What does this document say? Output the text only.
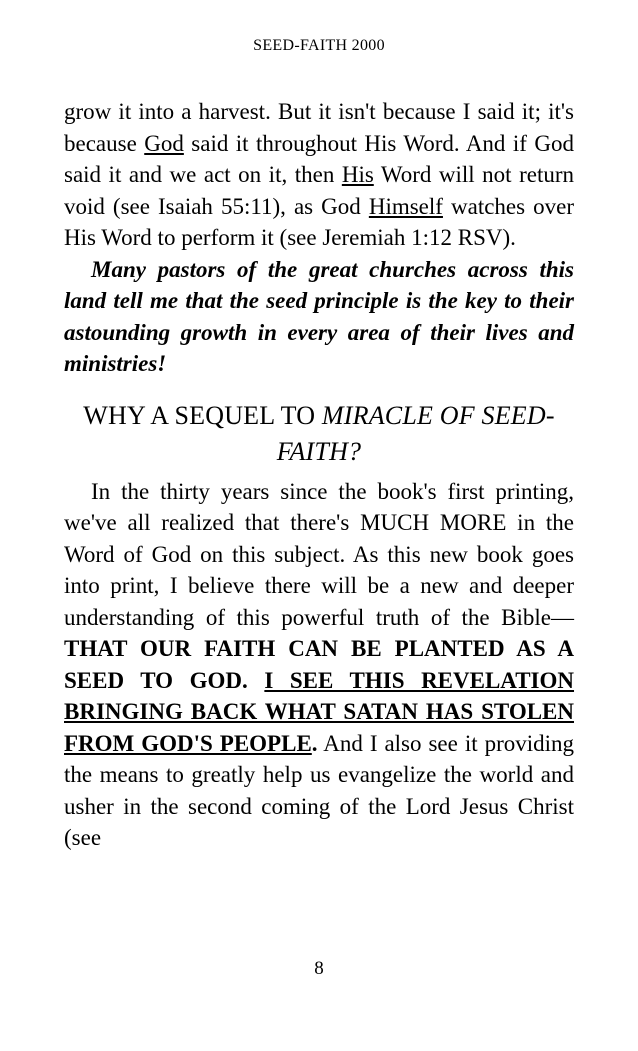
SEED-FAITH 2000

grow it into a harvest. But it isn't because I said it; it's because God said it throughout His Word. And if God said it and we act on it, then His Word will not return void (see Isaiah 55:11), as God Himself watches over His Word to perform it (see Jeremiah 1:12 RSV).

Many pastors of the great churches across this land tell me that the seed principle is the key to their astounding growth in every area of their lives and ministries!

WHY A SEQUEL TO MIRACLE OF SEED-FAITH?

In the thirty years since the book's first printing, we've all realized that there's MUCH MORE in the Word of God on this subject. As this new book goes into print, I believe there will be a new and deeper understanding of this powerful truth of the Bible—THAT OUR FAITH CAN BE PLANTED AS A SEED TO GOD. I SEE THIS REVELATION BRINGING BACK WHAT SATAN HAS STOLEN FROM GOD'S PEOPLE. And I also see it providing the means to greatly help us evangelize the world and usher in the second coming of the Lord Jesus Christ (see

8
